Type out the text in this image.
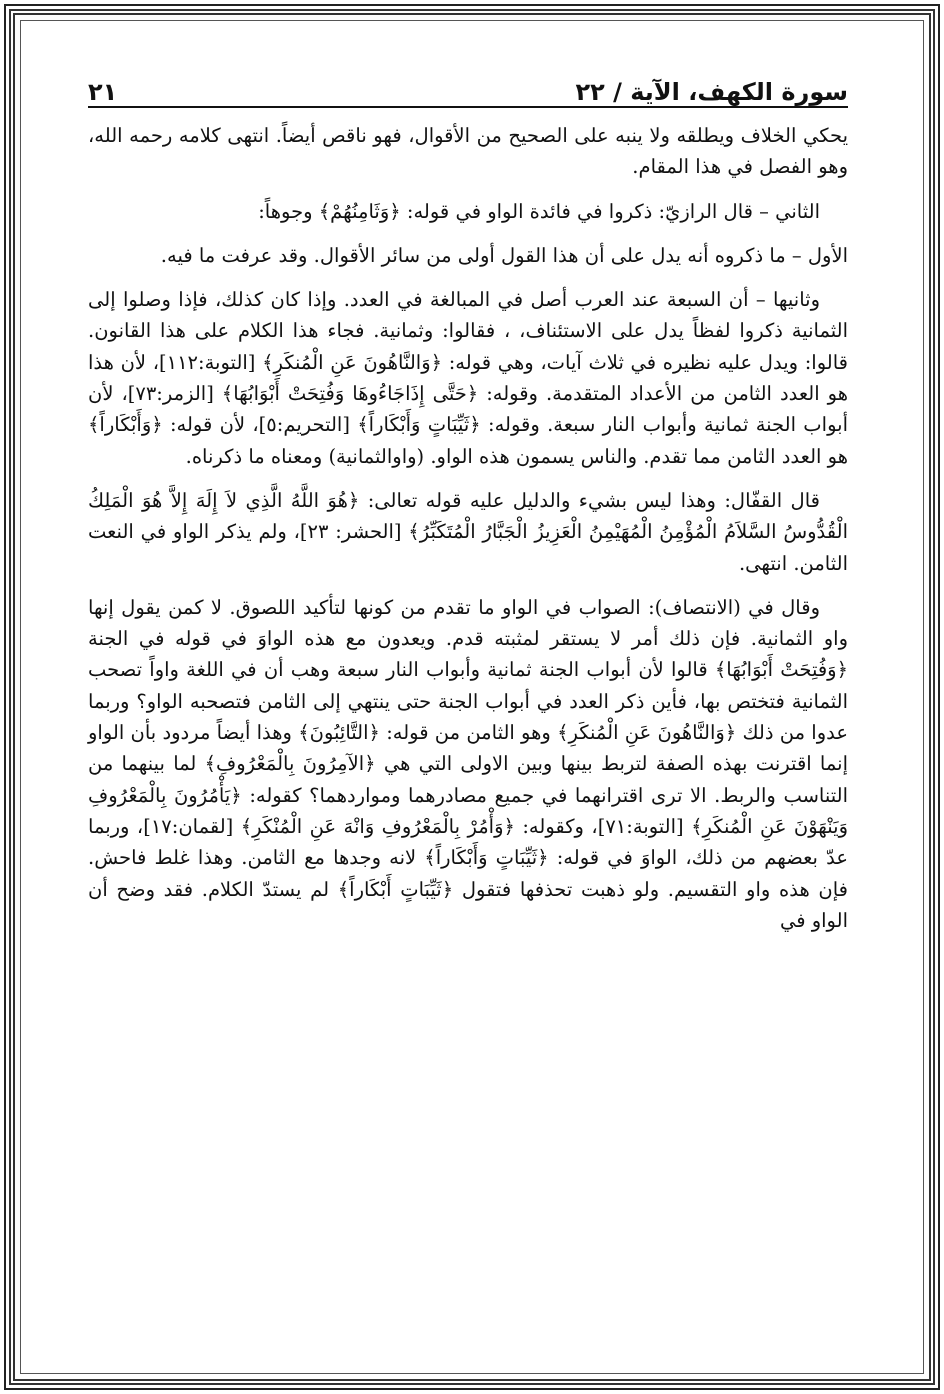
سورة الكهف، الآية / ٢٢
٢١

يحكي الخلاف ويطلقه ولا ينبه على الصحيح من الأقوال، فهو ناقص أيضاً. انتهى كلامه رحمه الله، وهو الفصل في هذا المقام.

الثاني – قال الرازيّ: ذكروا في فائدة الواو في قوله: ﴿وَثَامِنُهُمْ﴾ وجوهاً:

الأول – ما ذكروه أنه يدل على أن هذا القول أولى من سائر الأقوال. وقد عرفت ما فيه.

وثانيها – أن السبعة عند العرب أصل في المبالغة في العدد. وإذا كان كذلك، فإذا وصلوا إلى الثمانية ذكروا لفظاً يدل على الاستئناف، ، فقالوا: وثمانية. فجاء هذا الكلام على هذا القانون. قالوا: ويدل عليه نظيره في ثلاث آيات، وهي قوله: ﴿وَالنَّاهُونَ عَنِ الْمُنكَرِ﴾ [التوبة:١١٢]، لأن هذا هو العدد الثامن من الأعداد المتقدمة. وقوله: ﴿حَتَّى إِذَاجَاءُوهَا وَفُتِحَتْ أَبْوَابُهَا﴾ [الزمر:٧٣]، لأن أبواب الجنة ثمانية وأبواب النار سبعة. وقوله: ﴿ثَيِّبَاتٍ وَأَبْكَاراً﴾ [التحريم:٥]، لأن قوله: ﴿وَأَبْكَاراً﴾ هو العدد الثامن مما تقدم. والناس يسمون هذه الواو. (واوالثمانية) ومعناه ما ذكرناه.

قال القفّال: وهذا ليس بشيء والدليل عليه قوله تعالى: ﴿هُوَ اللَّهُ الَّذِي لاَ إِلَهَ إِلاَّ هُوَ الْمَلِكُ الْقُدُّوسُ السَّلاَمُ الْمُؤْمِنُ الْمُهَيْمِنُ الْعَزِيزُ الْجَبَّارُ الْمُتَكَبِّرُ﴾ [الحشر: ٢٣]، ولم يذكر الواو في النعت الثامن. انتهى.

وقال في (الانتصاف): الصواب في الواو ما تقدم من كونها لتأكيد اللصوق. لا كمن يقول إنها واو الثمانية. فإن ذلك أمر لا يستقر لمثبته قدم. ويعدون مع هذه الواوَ في قوله في الجنة ﴿وَفُتِحَتْ أَبْوَابُهَا﴾ قالوا لأن أبواب الجنة ثمانية وأبواب النار سبعة وهب أن في اللغة واواً تصحب الثمانية فتختص بها، فأين ذكر العدد في أبواب الجنة حتى ينتهي إلى الثامن فتصحبه الواو؟ وربما عدوا من ذلك ﴿وَالنَّاهُونَ عَنِ الْمُنكَرِ﴾ وهو الثامن من قوله: ﴿التَّائِبُونَ﴾ وهذا أيضاً مردود بأن الواو إنما اقترنت بهذه الصفة لتربط بينها وبين الاولى التي هي ﴿الآمِرُونَ بِالْمَعْرُوفِ﴾ لما بينهما من التناسب والربط. الا ترى اقترانهما في جميع مصادرهما ومواردهما؟ كقوله: ﴿يَأْمُرُونَ بِالْمَعْرُوفِ وَيَنْهَوْنَ عَنِ الْمُنكَرِ﴾ [التوبة:٧١]، وكقوله: ﴿وَأْمُرْ بِالْمَعْرُوفِ وَانْهَ عَنِ الْمُنْكَرِ﴾ [لقمان:١٧]، وربما عدّ بعضهم من ذلك، الواوَ في قوله: ﴿ثَيِّبَاتٍ وَأَبْكَاراً﴾ لانه وجدها مع الثامن. وهذا غلط فاحش. فإن هذه واو التقسيم. ولو ذهبت تحذفها فتقول ﴿ثَيِّبَاتٍ أَبْكَاراً﴾ لم يستدّ الكلام. فقد وضح أن الواو في
